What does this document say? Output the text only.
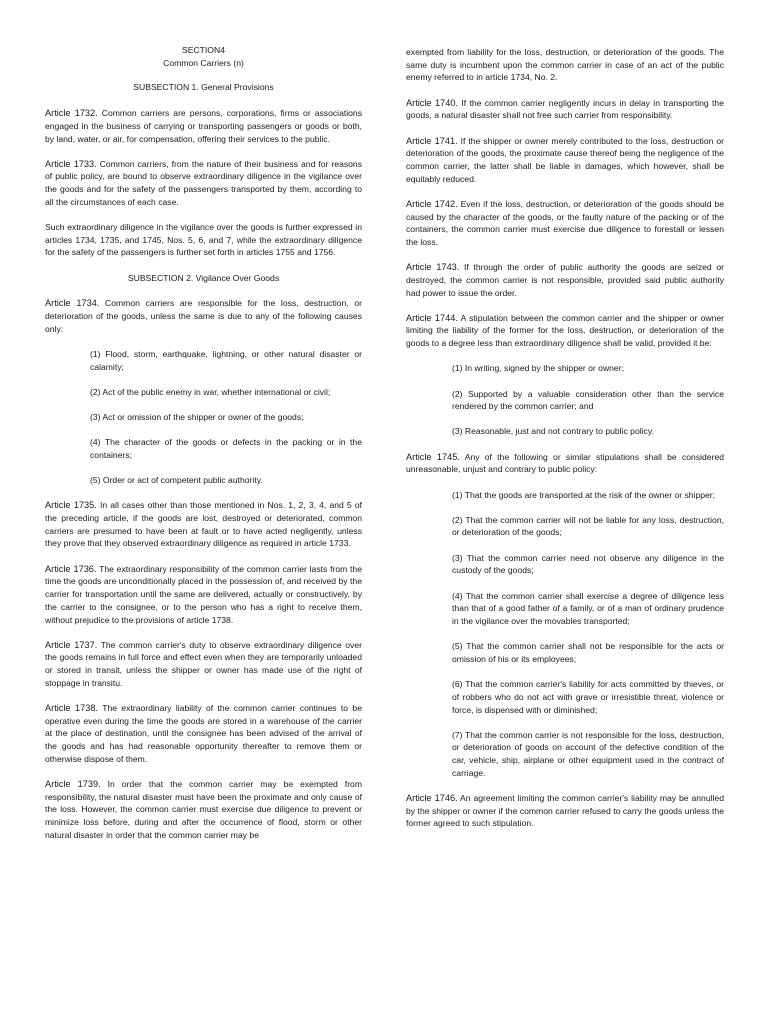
SECTION4

Common Carriers (n)

SUBSECTION 1. General Provisions

Article 1732. Common carriers are persons, corporations, firms or associations engaged in the business of carrying or transporting passengers or goods or both, by land, water, or air, for compensation, offering their services to the public.

Article 1733. Common carriers, from the nature of their business and for reasons of public policy, are bound to observe extraordinary diligence in the vigilance over the goods and for the safety of the passengers transported by them, according to all the circumstances of each case.

Such extraordinary diligence in the vigilance over the goods is further expressed in articles 1734, 1735, and 1745, Nos. 5, 6, and 7, while the extraordinary diligence for the safety of the passengers is further set forth in articles 1755 and 1756.

SUBSECTION 2. Vigilance Over Goods

Article 1734. Common carriers are responsible for the loss, destruction, or deterioration of the goods, unless the same is due to any of the following causes only:

(1) Flood, storm, earthquake, lightning, or other natural disaster or calamity;

(2) Act of the public enemy in war, whether international or civil;

(3) Act or omission of the shipper or owner of the goods;

(4) The character of the goods or defects in the packing or in the containers;

(5) Order or act of competent public authority.

Article 1735. In all cases other than those mentioned in Nos. 1, 2, 3, 4, and 5 of the preceding article, if the goods are lost, destroyed or deteriorated, common carriers are presumed to have been at fault or to have acted negligently, unless they prove that they observed extraordinary diligence as required in article 1733.

Article 1736. The extraordinary responsibility of the common carrier lasts from the time the goods are unconditionally placed in the possession of, and received by the carrier for transportation until the same are delivered, actually or constructively, by the carrier to the consignee, or to the person who has a right to receive them, without prejudice to the provisions of article 1738.

Article 1737. The common carrier's duty to observe extraordinary diligence over the goods remains in full force and effect even when they are temporarily unloaded or stored in transit, unless the shipper or owner has made use of the right of stoppage in transitu.

Article 1738. The extraordinary liability of the common carrier continues to be operative even during the time the goods are stored in a warehouse of the carrier at the place of destination, until the consignee has been advised of the arrival of the goods and has had reasonable opportunity thereafter to remove them or otherwise dispose of them.

Article 1739. In order that the common carrier may be exempted from responsibility, the natural disaster must have been the proximate and only cause of the loss. However, the common carrier must exercise due diligence to prevent or minimize loss before, during and after the occurrence of flood, storm or other natural disaster in order that the common carrier may be

exempted from liability for the loss, destruction, or deterioration of the goods. The same duty is incumbent upon the common carrier in case of an act of the public enemy referred to in article 1734, No. 2.

Article 1740. If the common carrier negligently incurs in delay in transporting the goods, a natural disaster shall not free such carrier from responsibility.

Article 1741. If the shipper or owner merely contributed to the loss, destruction or deterioration of the goods, the proximate cause thereof being the negligence of the common carrier, the latter shall be liable in damages, which however, shall be equitably reduced.

Article 1742. Even if the loss, destruction, or deterioration of the goods should be caused by the character of the goods, or the faulty nature of the packing or of the containers, the common carrier must exercise due diligence to forestall or lessen the loss.

Article 1743. If through the order of public authority the goods are seized or destroyed, the common carrier is not responsible, provided said public authority had power to issue the order.

Article 1744. A stipulation between the common carrier and the shipper or owner limiting the liability of the former for the loss, destruction, or deterioration of the goods to a degree less than extraordinary diligence shall be valid, provided it be:

(1) In writing, signed by the shipper or owner;

(2) Supported by a valuable consideration other than the service rendered by the common carrier; and

(3) Reasonable, just and not contrary to public policy.

Article 1745. Any of the following or similar stipulations shall be considered unreasonable, unjust and contrary to public policy:

(1) That the goods are transported at the risk of the owner or shipper;

(2) That the common carrier will not be liable for any loss, destruction, or deterioration of the goods;

(3) That the common carrier need not observe any diligence in the custody of the goods;

(4) That the common carrier shall exercise a degree of diligence less than that of a good father of a family, or of a man of ordinary prudence in the vigilance over the movables transported;

(5) That the common carrier shall not be responsible for the acts or omission of his or its employees;

(6) That the common carrier's liability for acts committed by thieves, or of robbers who do not act with grave or irresistible threat, violence or force, is dispensed with or diminished;

(7) That the common carrier is not responsible for the loss, destruction, or deterioration of goods on account of the defective condition of the car, vehicle, ship, airplane or other equipment used in the contract of carriage.

Article 1746. An agreement limiting the common carrier's liability may be annulled by the shipper or owner if the common carrier refused to carry the goods unless the former agreed to such stipulation.
